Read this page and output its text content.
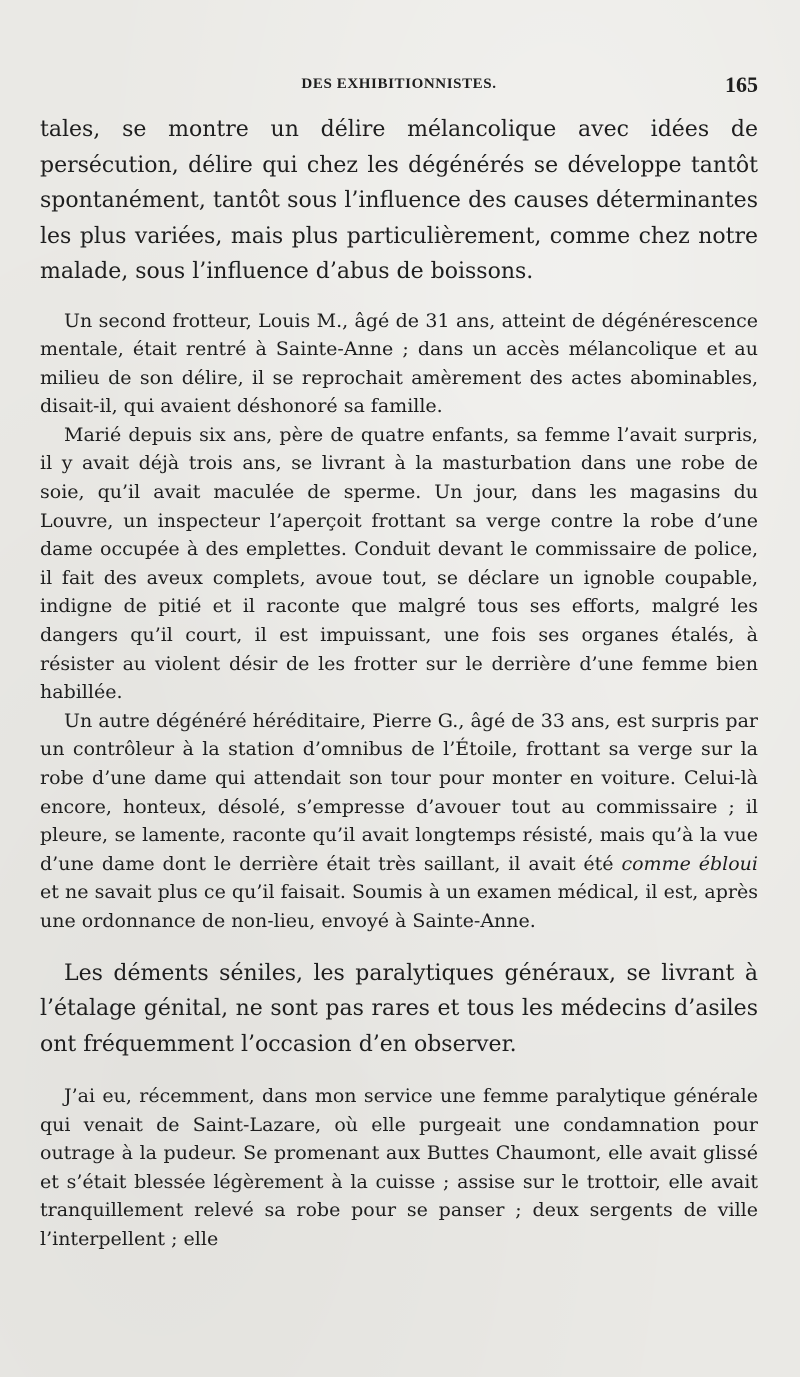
DES EXHIBITIONNISTES.	165

tales, se montre un délire mélancolique avec idées de persécution, délire qui chez les dégénérés se développe tantôt spontanément, tantôt sous l’influence des causes déterminantes les plus variées, mais plus particulièrement, comme chez notre malade, sous l’influence d’abus de boissons.

Un second frotteur, Louis M., âgé de 31 ans, atteint de dégénérescence mentale, était rentré à Sainte-Anne ; dans un accès mélancolique et au milieu de son délire, il se reprochait amèrement des actes abominables, disait-il, qui avaient déshonoré sa famille.

Marié depuis six ans, père de quatre enfants, sa femme l’avait surpris, il y avait déjà trois ans, se livrant à la masturbation dans une robe de soie, qu’il avait maculée de sperme. Un jour, dans les magasins du Louvre, un inspecteur l’aperçoit frottant sa verge contre la robe d’une dame occupée à des emplettes. Conduit devant le commissaire de police, il fait des aveux complets, avoue tout, se déclare un ignoble coupable, indigne de pitié et il raconte que malgré tous ses efforts, malgré les dangers qu’il court, il est impuissant, une fois ses organes étalés, à résister au violent désir de les frotter sur le derrière d’une femme bien habillée.

Un autre dégénéré héréditaire, Pierre G., âgé de 33 ans, est surpris par un contrôleur à la station d’omnibus de l’Étoile, frottant sa verge sur la robe d’une dame qui attendait son tour pour monter en voiture. Celui-là encore, honteux, désolé, s’empresse d’avouer tout au commissaire ; il pleure, se lamente, raconte qu’il avait longtemps résisté, mais qu’à la vue d’une dame dont le derrière était très saillant, il avait été comme ébloui et ne savait plus ce qu’il faisait. Soumis à un examen médical, il est, après une ordonnance de non-lieu, envoyé à Sainte-Anne.

Les déments séniles, les paralytiques généraux, se livrant à l’étalage génital, ne sont pas rares et tous les médecins d’asiles ont fréquemment l’occasion d’en observer.

J’ai eu, récemment, dans mon service une femme paralytique générale qui venait de Saint-Lazare, où elle purgeait une condamnation pour outrage à la pudeur. Se promenant aux Buttes Chaumont, elle avait glissé et s’était blessée légèrement à la cuisse ; assise sur le trottoir, elle avait tranquillement relevé sa robe pour se panser ; deux sergents de ville l’interpellent ; elle
